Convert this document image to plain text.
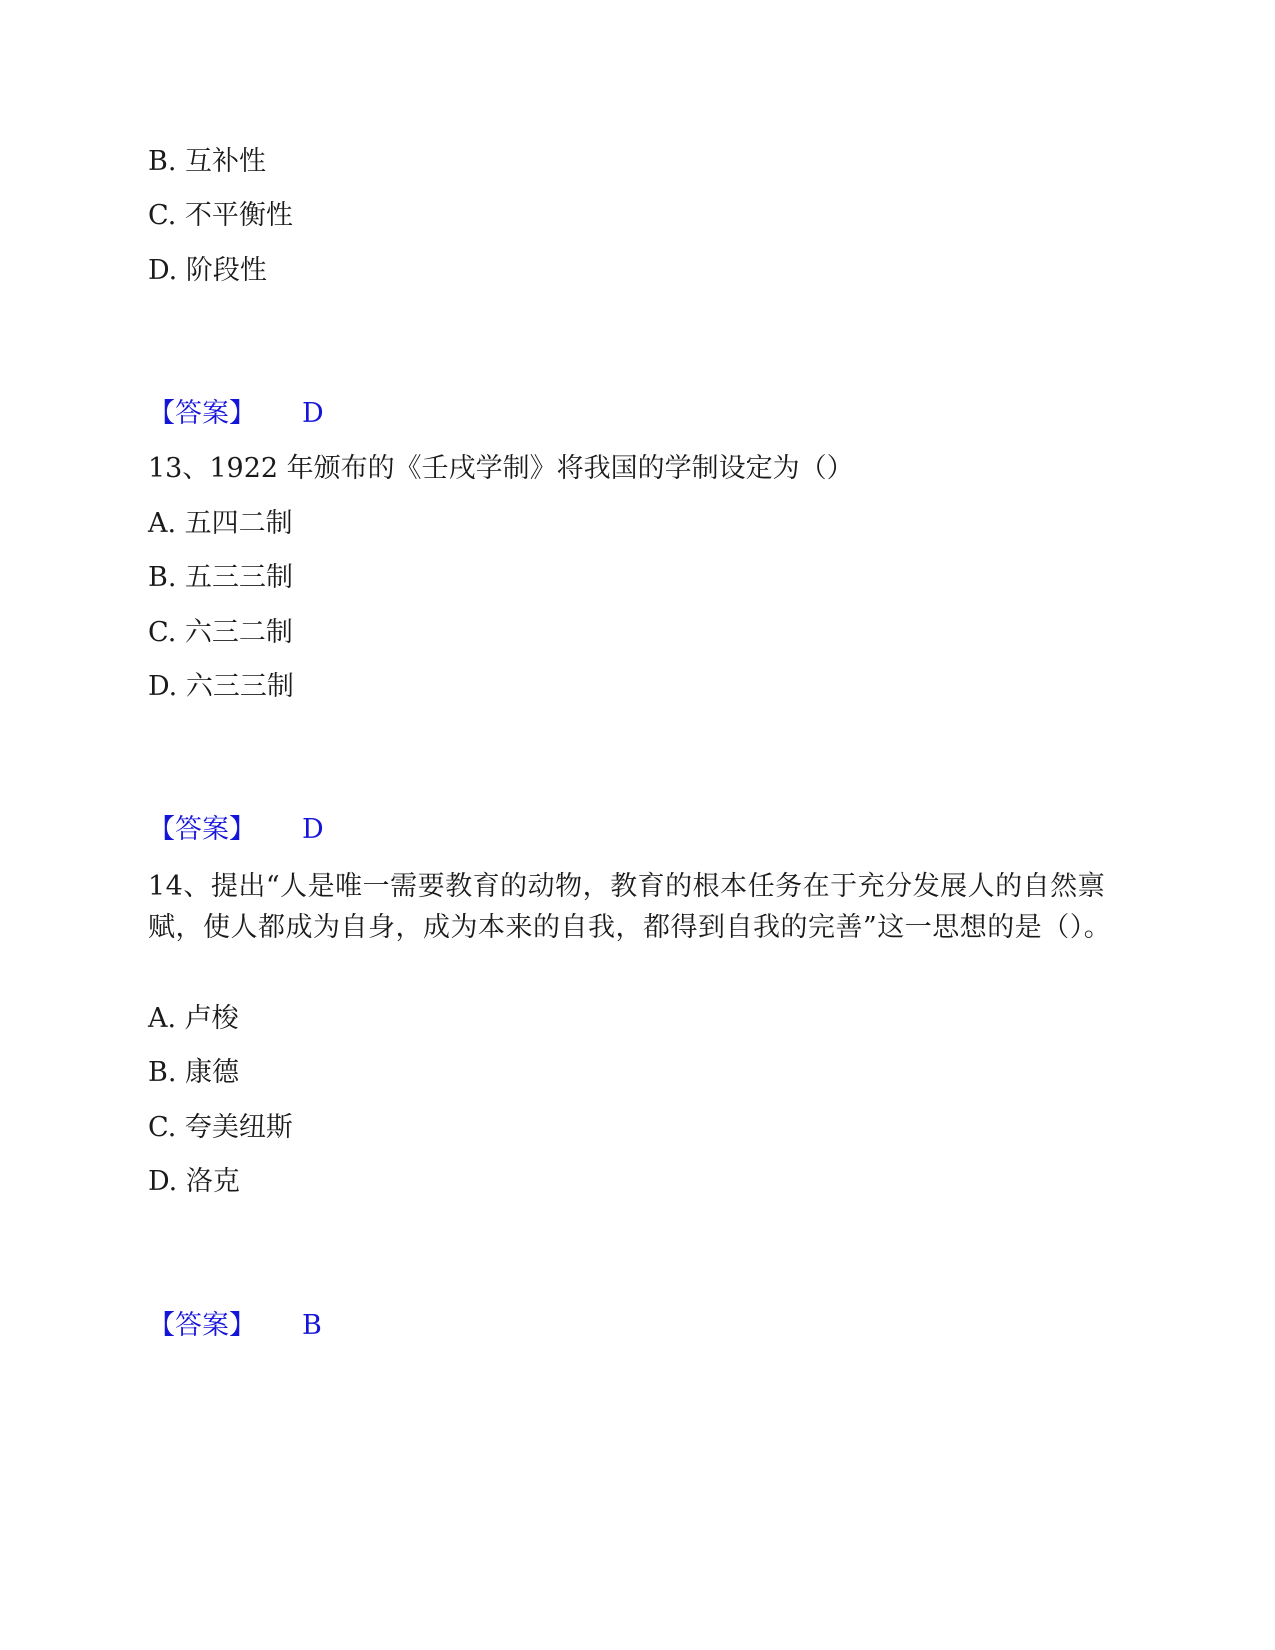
B. 互补性
C. 不平衡性
D. 阶段性
【答案】 D
13、1922 年颁布的《壬戌学制》将我国的学制设定为（）
A. 五四二制
B. 五三三制
C. 六三二制
D. 六三三制
【答案】 D
14、提出“人是唯一需要教育的动物，教育的根本任务在于充分发展人的自然禀赋，使人都成为自身，成为本来的自我，都得到自我的完善”这一思想的是（）。
A. 卢梭
B. 康德
C. 夸美纽斯
D. 洛克
【答案】 B
